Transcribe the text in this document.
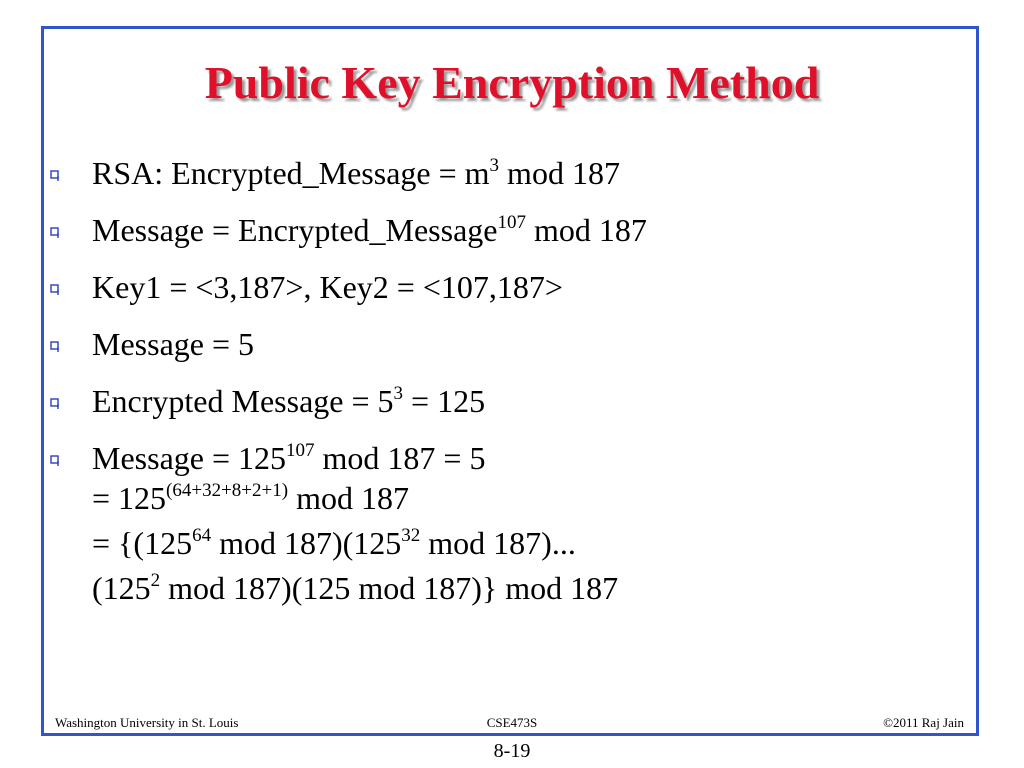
Public Key Encryption Method
RSA: Encrypted_Message = $m^3$ mod 187
Message = Encrypted_Message$^{107}$ mod 187
Key1 = <3,187>, Key2 = <107,187>
Message = 5
Encrypted Message = $5^3 = 125$
Message = $125^{107}$ mod 187 = 5
= $125^{(64+32+8+2+1)}$ mod 187
= {($125^{64}$ mod $187)(125^{32}$ mod 187)...
($125^2$ mod 187)(125 mod 187)} mod 187
Washington University in St. Louis	CSE473S	©2011 Raj Jain
8-19
